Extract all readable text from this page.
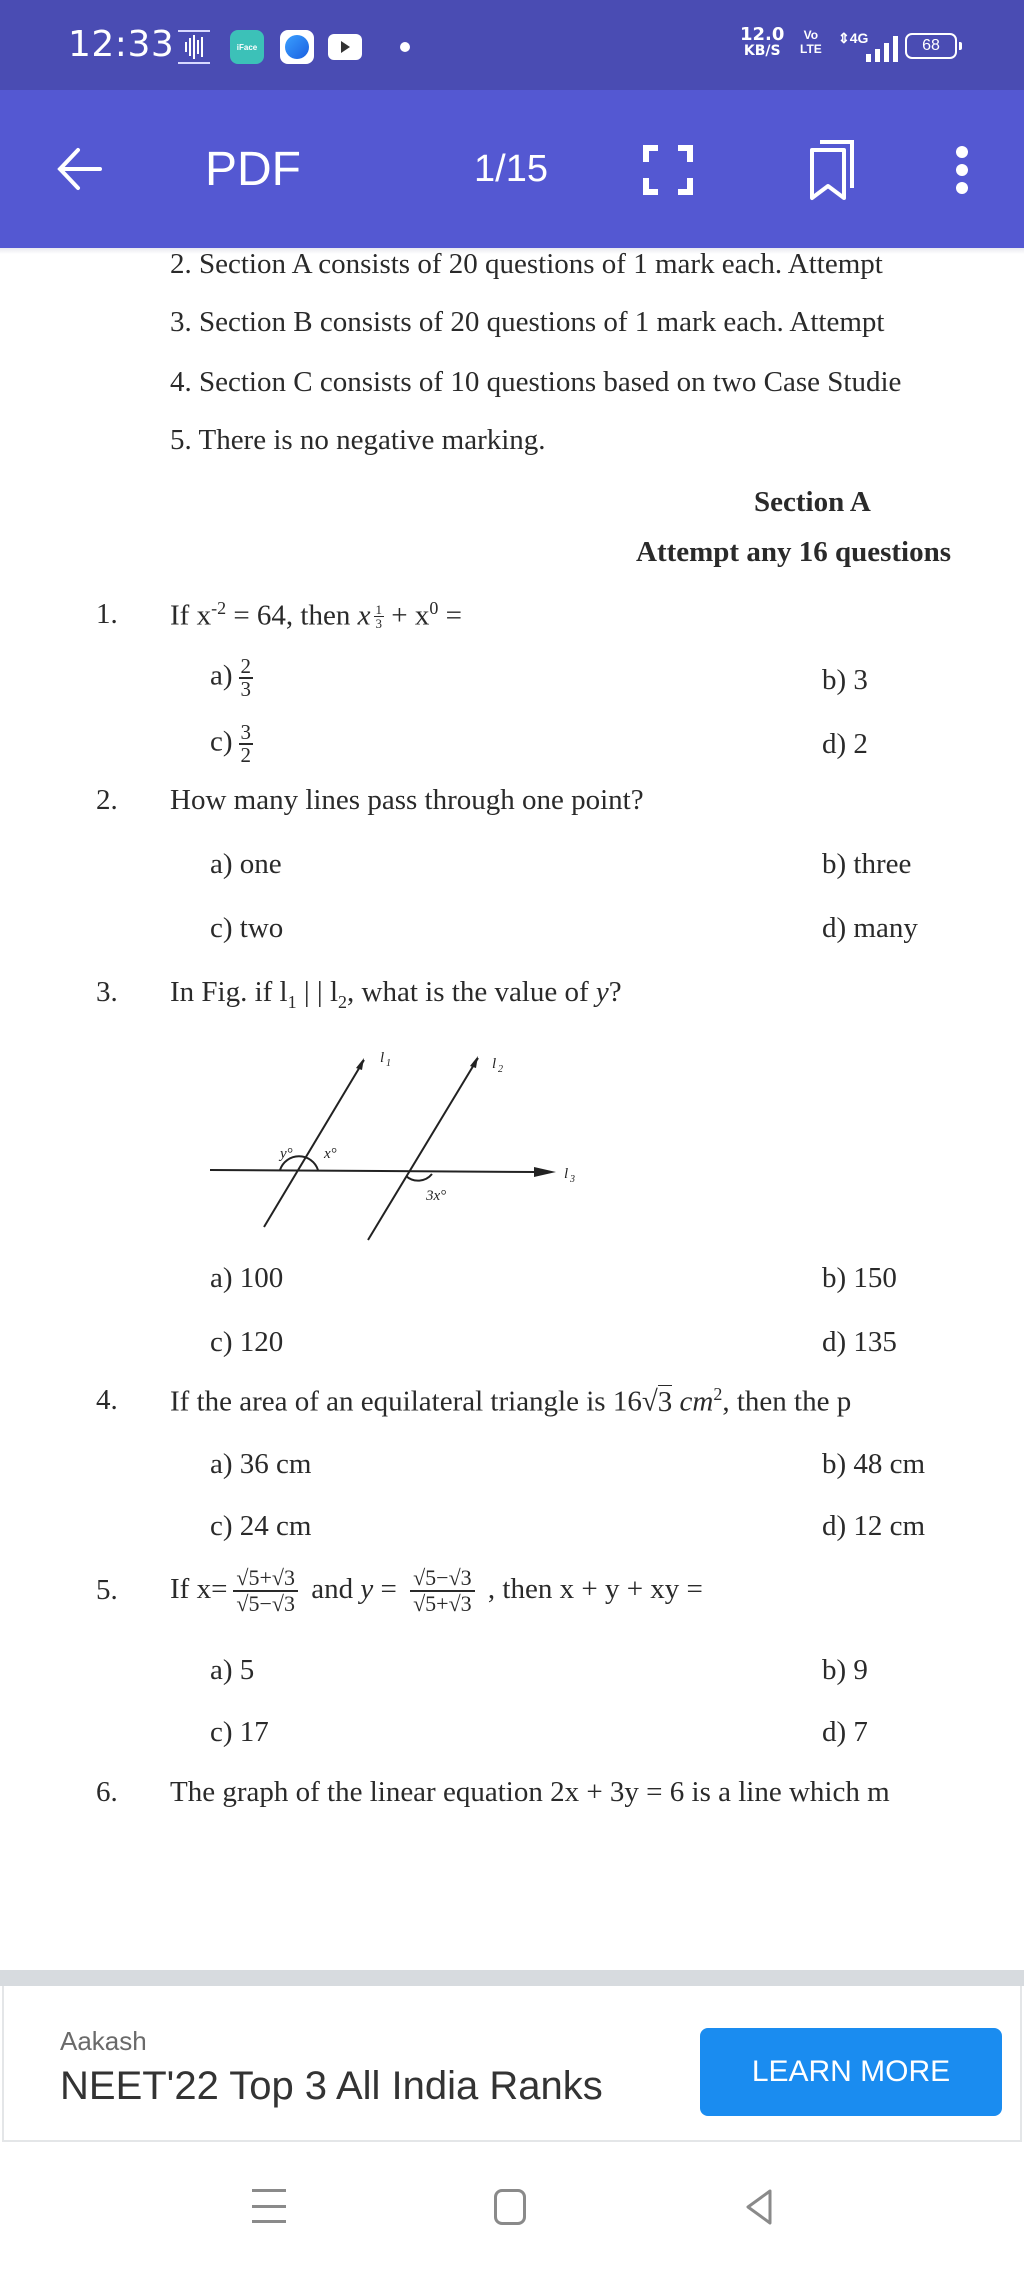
12:33	iFace
12.0
KB/S
Vo
LTE
⇕4G	68
PDF	1/15
2. Section A consists of 20 questions of 1 mark each. Attempt
3. Section B consists of 20 questions of 1 mark each. Attempt
4. Section C consists of 10 questions based on two Case Studie
5. There is no negative marking.
Section A
Attempt any 16 questions
1. If $x^{-2} = 64$, then x $\frac{1}{3} + x^0$ =
$a) \frac{2}{3}$	b) 3
$c) \frac{3}{2}$	d) 2
2. How many lines pass through one point?
a) one	b) three
c) two	d) many
3. In Fig. if $l_1$ | | $l_2$, what is the value of y?
l 1	l 2
l 3
y° x°
3x°
a) 100	b) 150
c) 120	d) 135
4. If the area of an equilateral triangle is 16√3 $cm^2$, then the p
a) 36 cm	b) 48 cm
c) 24 cm	d) 12 cm
5. If $x= \frac{√5+√3}{√5-√3}$ and $y = \frac{√5-√3}{√5+√3}$ , then x + y + xy =
a) 5	b) 9
c) 17	d) 7
6. The graph of the linear equation 2x + 3y = 6 is a line which m
Aakash
NEET'22 Top 3 All India Ranks	LEARN MORE
